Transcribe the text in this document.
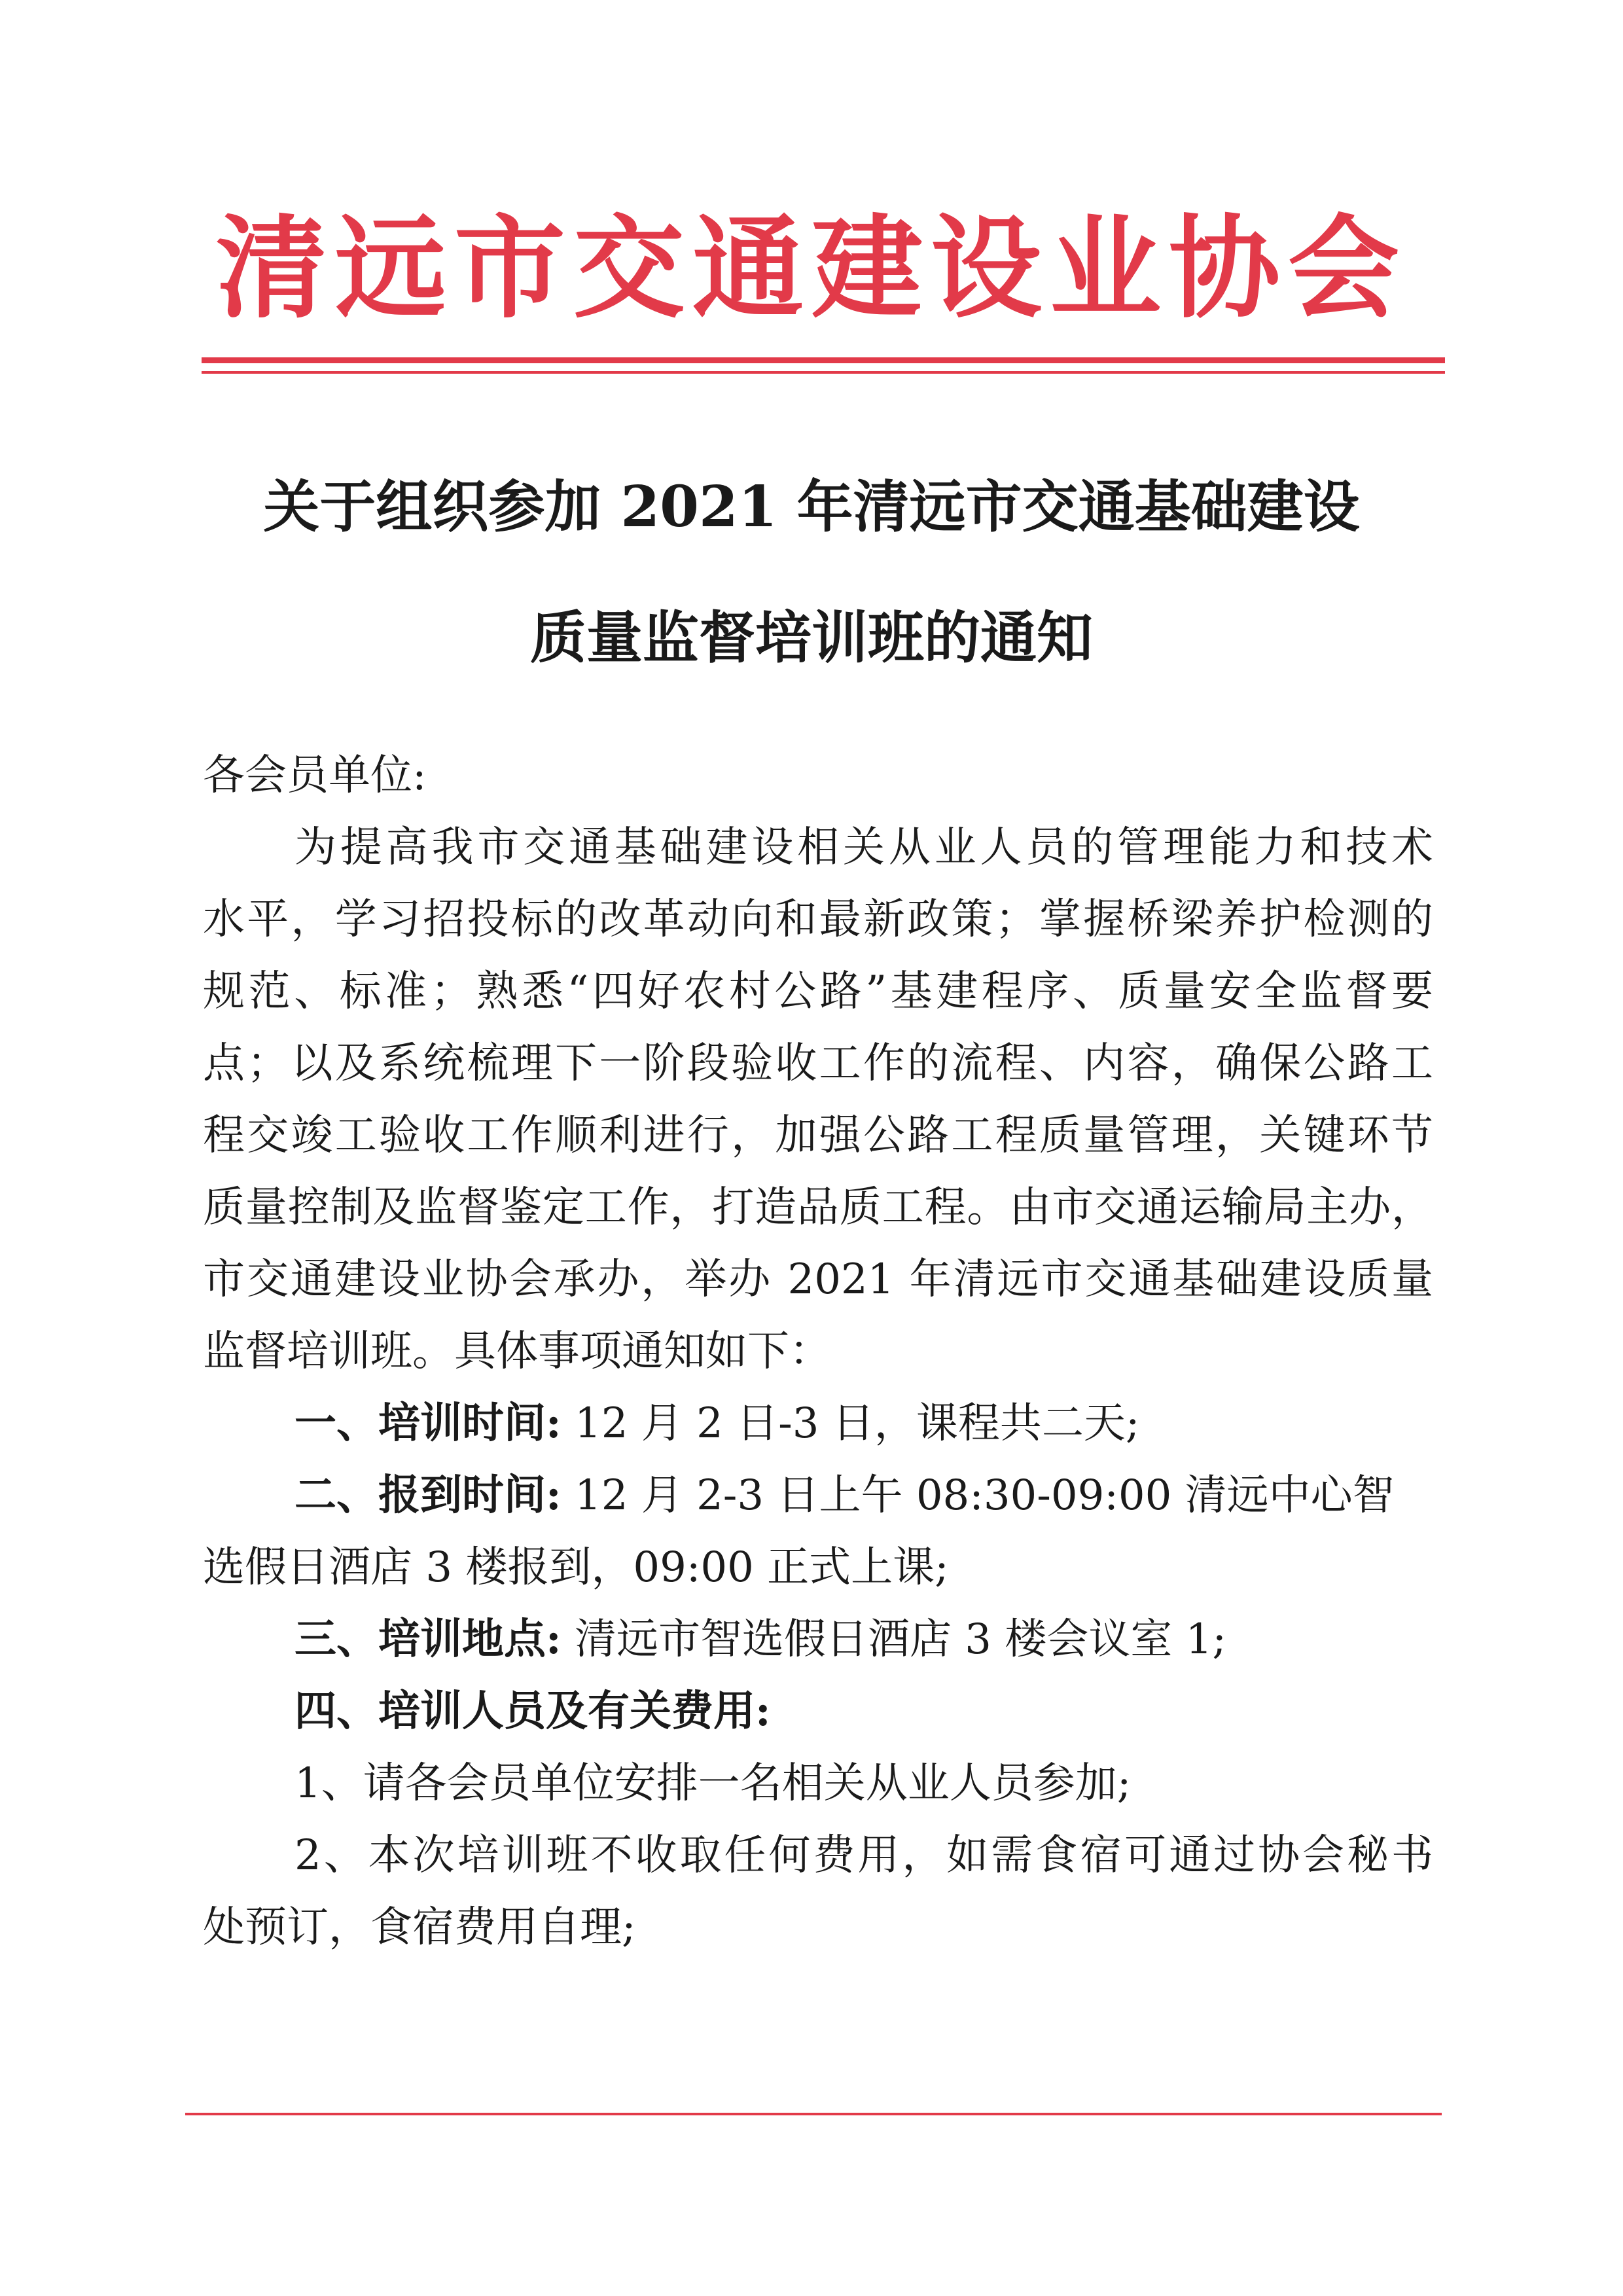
清远市交通建设业协会
关于组织参加 2021 年清远市交通基础建设
质量监督培训班的通知
各会员单位:
为提高我市交通基础建设相关从业人员的管理能力和技术
水平，学习招投标的改革动向和最新政策；掌握桥梁养护检测的
规范、标准；熟悉“四好农村公路”基建程序、质量安全监督要
点；以及系统梳理下一阶段验收工作的流程、内容，确保公路工
程交竣工验收工作顺利进行，加强公路工程质量管理，关键环节
质量控制及监督鉴定工作，打造品质工程。由市交通运输局主办，
市交通建设业协会承办，举办 2021 年清远市交通基础建设质量
监督培训班。具体事项通知如下：
一、培训时间: 12 月 2 日-3 日，课程共二天;
二、报到时间: 12 月 2-3 日上午 08:30-09:00 清远中心智
选假日酒店 3 楼报到，09:00 正式上课;
三、培训地点: 清远市智选假日酒店 3 楼会议室 1;
四、培训人员及有关费用:
1、请各会员单位安排一名相关从业人员参加;
2、本次培训班不收取任何费用，如需食宿可通过协会秘书
处预订，食宿费用自理;
